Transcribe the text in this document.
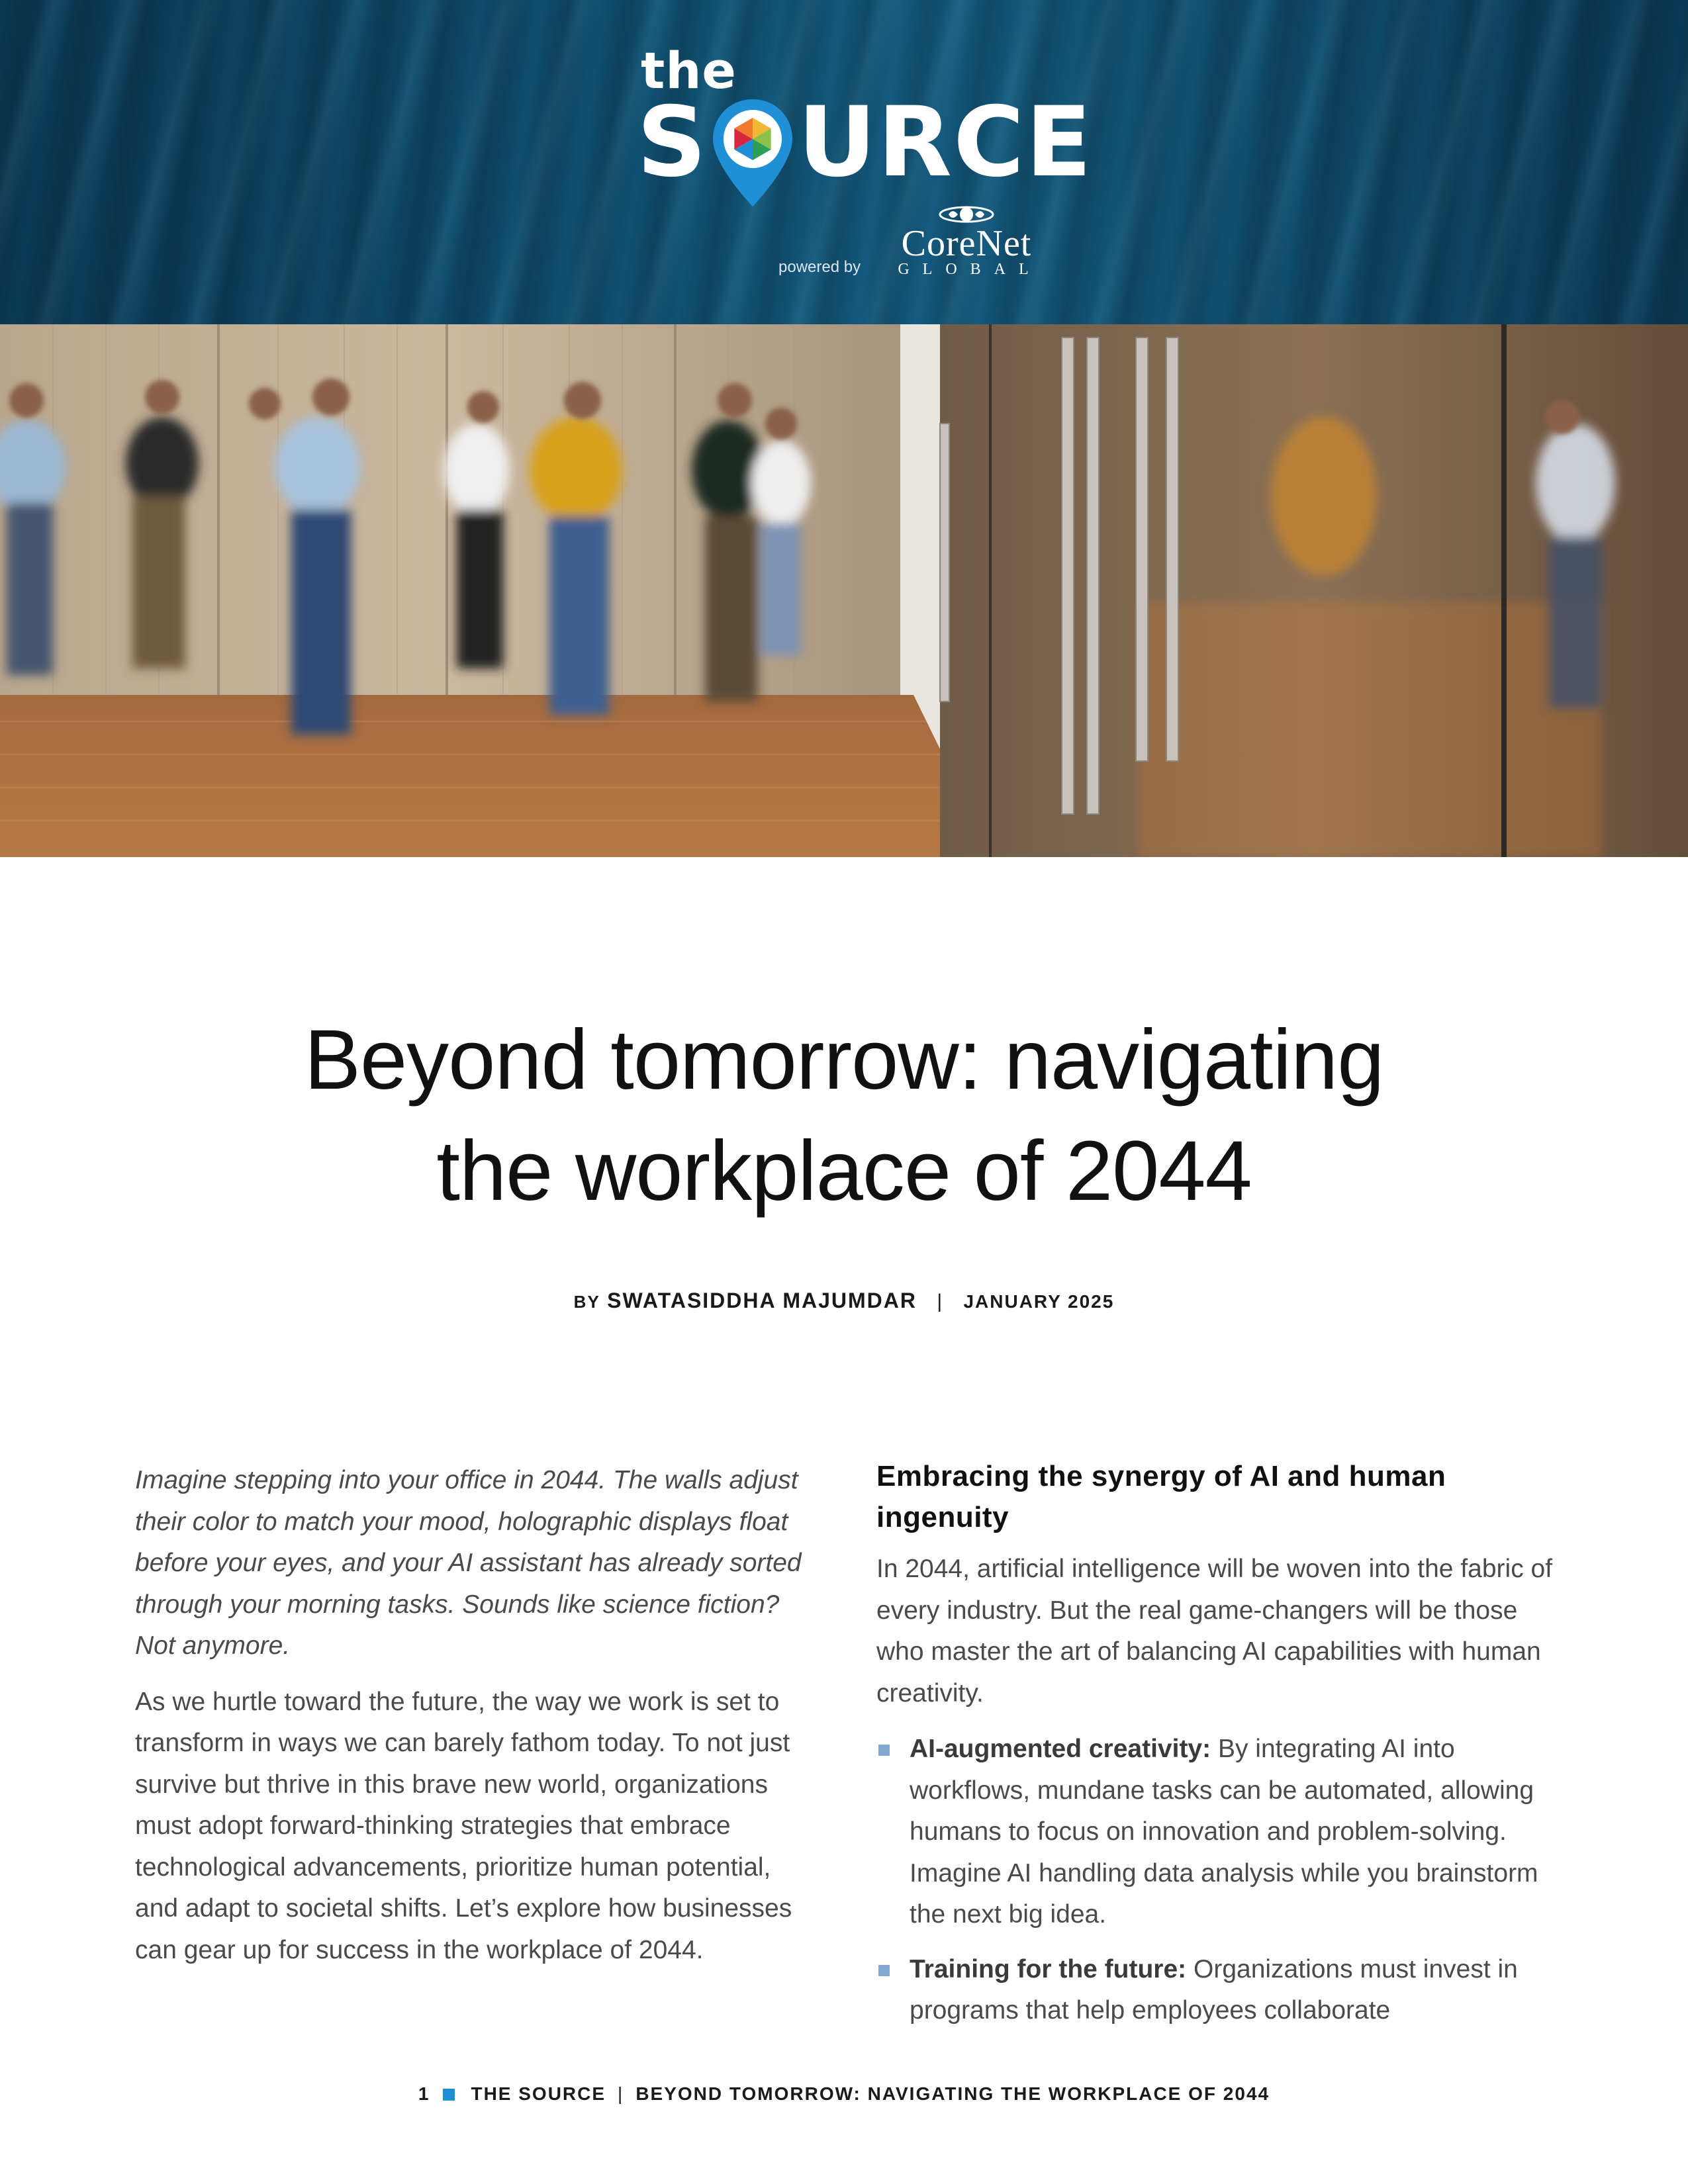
the
S URCE
powered by
CoreNet
GLOBAL
Beyond tomorrow: navigating
the workplace of 2044
BY SWATASIDDHA MAJUMDAR | JANUARY 2025

Imagine stepping into your office in 2044. The walls adjust their color to match your mood, holographic displays float before your eyes, and your AI assistant has already sorted through your morning tasks. Sounds like science fiction? Not anymore.

As we hurtle toward the future, the way we work is set to transform in ways we can barely fathom today. To not just survive but thrive in this brave new world, organizations must adopt forward-thinking strategies that embrace technological advancements, prioritize human potential, and adapt to societal shifts. Let’s explore how businesses can gear up for success in the workplace of 2044.

Embracing the synergy of AI and human ingenuity

In 2044, artificial intelligence will be woven into the fabric of every industry. But the real game-changers will be those who master the art of balancing AI capabilities with human creativity.

AI-augmented creativity: By integrating AI into workflows, mundane tasks can be automated, allowing humans to focus on innovation and problem-solving. Imagine AI handling data analysis while you brainstorm the next big idea.
Training for the future: Organizations must invest in programs that help employees collaborate
1 THE SOURCE | BEYOND TOMORROW: NAVIGATING THE WORKPLACE OF 2044
